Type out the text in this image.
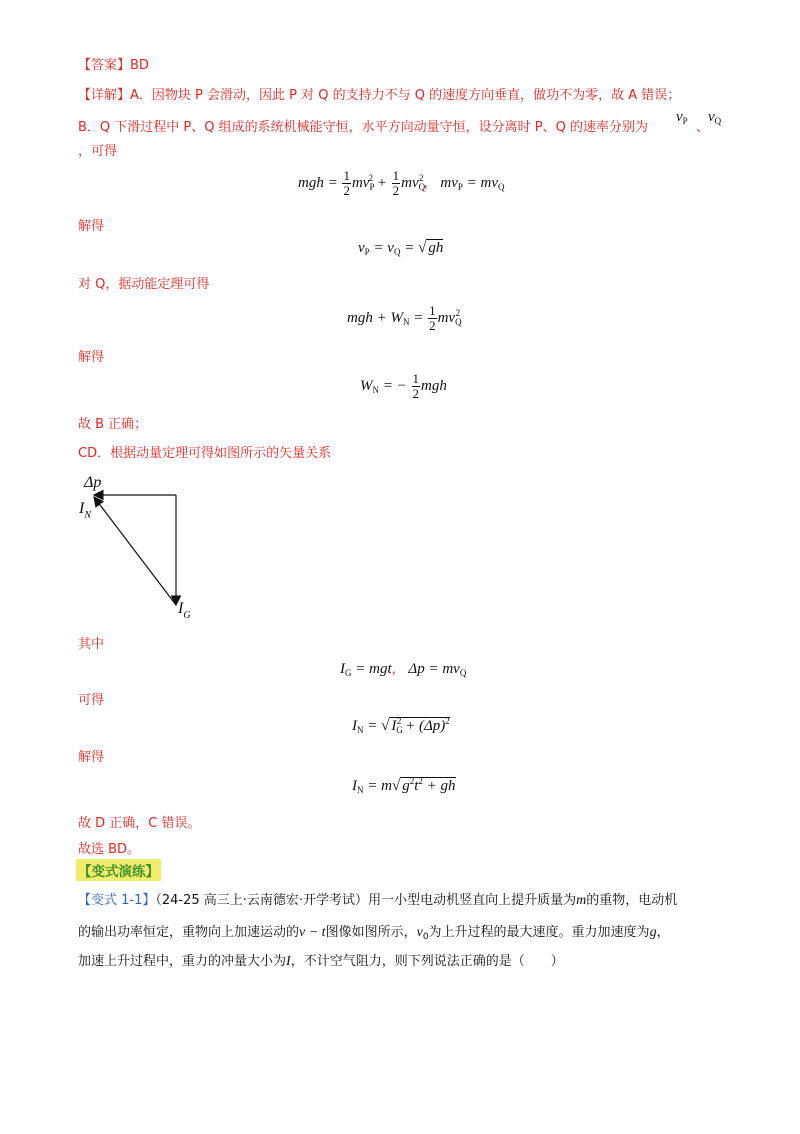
【答案】BD
【详解】A．因物块 P 会滑动，因此 P 对 Q 的支持力不与 Q 的速度方向垂直，做功不为零，故 A 错误；
B．Q 下滑过程中 P、Q 组成的系统机械能守恒，水平方向动量守恒，设分离时 P、Q 的速率分别为
$v_P$ 、
$v_Q$
，可得
mgh = $\frac{1}{2} mv_P^2 + \frac{1}{2} mv_Q^2$， $mv_P = mv_Q$
解得
$v_P = v_Q$ = √ gh
对 Q，据动能定理可得
mgh + $W_N = \frac{1}{2} mv_Q^2$
解得
$W_N$ = − $\frac{1}{2}$ mgh
故 B 正确；
CD．根据动量定理可得如图所示的矢量关系
Δp
$I_N$
$I_G$
其中
$I_G$ = mgt， $\Delta p = mv_Q$
可得
$I_N$ = √ $I_G^2 + (\Delta p)^2$
解得
$I_N = m√$ $g^2t^2$ + gh
故 D 正确，C 错误。
故选 BD。
【变式演练】
【变式 1-1】（24-25 高三上·云南德宏·开学考试）用一小型电动机竖直向上提升质量为m的重物，电动机
的输出功率恒定，重物向上加速运动的v − t图像如图所示，$v_0$为上升过程的最大速度。重力加速度为g，
加速上升过程中，重力的冲量大小为I，不计空气阻力，则下列说法正确的是（　　）
